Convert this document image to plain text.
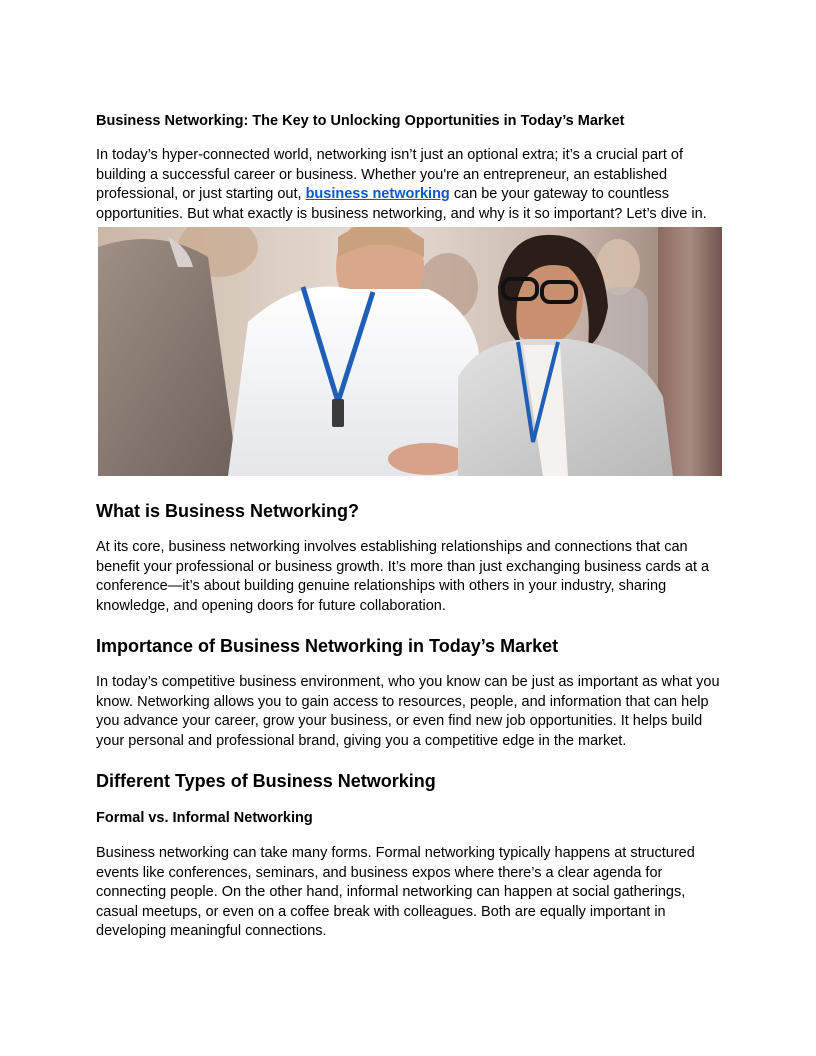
Business Networking: The Key to Unlocking Opportunities in Today’s Market

In today’s hyper-connected world, networking isn’t just an optional extra; it’s a crucial part of building a successful career or business. Whether you're an entrepreneur, an established professional, or just starting out, business networking can be your gateway to countless opportunities. But what exactly is business networking, and why is it so important? Let’s dive in.

What is Business Networking?

At its core, business networking involves establishing relationships and connections that can benefit your professional or business growth. It’s more than just exchanging business cards at a conference—it’s about building genuine relationships with others in your industry, sharing knowledge, and opening doors for future collaboration.

Importance of Business Networking in Today’s Market

In today’s competitive business environment, who you know can be just as important as what you know. Networking allows you to gain access to resources, people, and information that can help you advance your career, grow your business, or even find new job opportunities. It helps build your personal and professional brand, giving you a competitive edge in the market.

Different Types of Business Networking
Formal vs. Informal Networking

Business networking can take many forms. Formal networking typically happens at structured events like conferences, seminars, and business expos where there’s a clear agenda for connecting people. On the other hand, informal networking can happen at social gatherings, casual meetups, or even on a coffee break with colleagues. Both are equally important in developing meaningful connections.
